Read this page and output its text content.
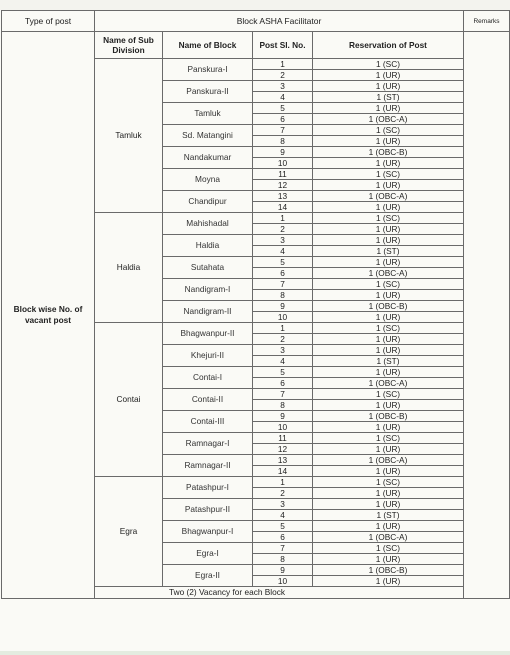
Type of post	Block ASHA Facilitator				Remarks
Block wise No. of vacant post	Name of Sub Division	Name of Block	Post Sl. No.	Reservation of Post	
	Tamluk	Panskura-I	1	1 (SC)	
			2	1 (UR)	
		Panskura-II	3	1 (UR)	
			4	1 (ST)	
		Tamluk	5	1 (UR)	
			6	1 (OBC-A)	
		Sd. Matangini	7	1 (SC)	
			8	1 (UR)	
		Nandakumar	9	1 (OBC-B)	
			10	1 (UR)	
		Moyna	11	1 (SC)	
			12	1 (UR)	
		Chandipur	13	1 (OBC-A)	
			14	1 (UR)	
	Haldia	Mahishadal	1	1 (SC)	
			2	1 (UR)	
		Haldia	3	1 (UR)	
			4	1 (ST)	
		Sutahata	5	1 (UR)	
			6	1 (OBC-A)	
		Nandigram-I	7	1 (SC)	
			8	1 (UR)	
		Nandigram-II	9	1 (OBC-B)	
			10	1 (UR)	
	Contai	Bhagwanpur-II	1	1 (SC)	
			2	1 (UR)	
		Khejuri-II	3	1 (UR)	
			4	1 (ST)	
		Contai-I	5	1 (UR)	
			6	1 (OBC-A)	
		Contai-II	7	1 (SC)	
			8	1 (UR)	
		Contai-III	9	1 (OBC-B)	
			10	1 (UR)	
		Ramnagar-I	11	1 (SC)	
			12	1 (UR)	
		Ramnagar-II	13	1 (OBC-A)	
			14	1 (UR)	
	Egra	Patashpur-I	1	1 (SC)	
			2	1 (UR)	
		Patashpur-II	3	1 (UR)	
			4	1 (ST)	
		Bhagwanpur-I	5	1 (UR)	
			6	1 (OBC-A)	
		Egra-I	7	1 (SC)	
			8	1 (UR)	
		Egra-II	9	1 (OBC-B)	
			10	1 (UR)	
	Two (2) Vacancy for each Block				
